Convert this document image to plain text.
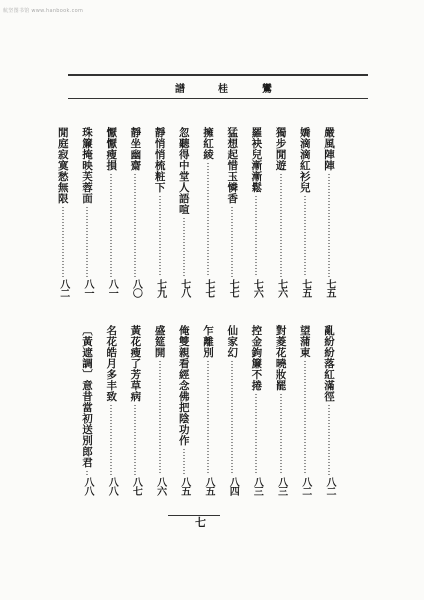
航坚图书馆 www.hanbook.com
譜	桂	鸞
嚴風陣陣
七五
嬌滴滴紅衫兒
七五
獨步閒遊
七六
羅袂兒漸漸鬆
七六
猛想起惜玉憐香
七七
擁紅綾
七七
忽聽得中堂人語喧
七八
靜悄悄梳粧下
七九
靜坐幽齋
八〇
懨懨瘦損
八一
珠簾掩映芙蓉面
八一
閒庭寂寞愁無限
八二
亂紛紛落紅滿徑
八二
望蒲東
八二
對菱花曉妝罷
八三
控金鉤簾不捲
八三
仙家幻
八四
乍離別
八五
俺雙親看經念佛把陰功作
八五
盛筵開
八六
黃花瘦了芳草病
八七
名花皓月多丰致
八八
〔黃遮調〕意昔當初送別郎君
八八
七
